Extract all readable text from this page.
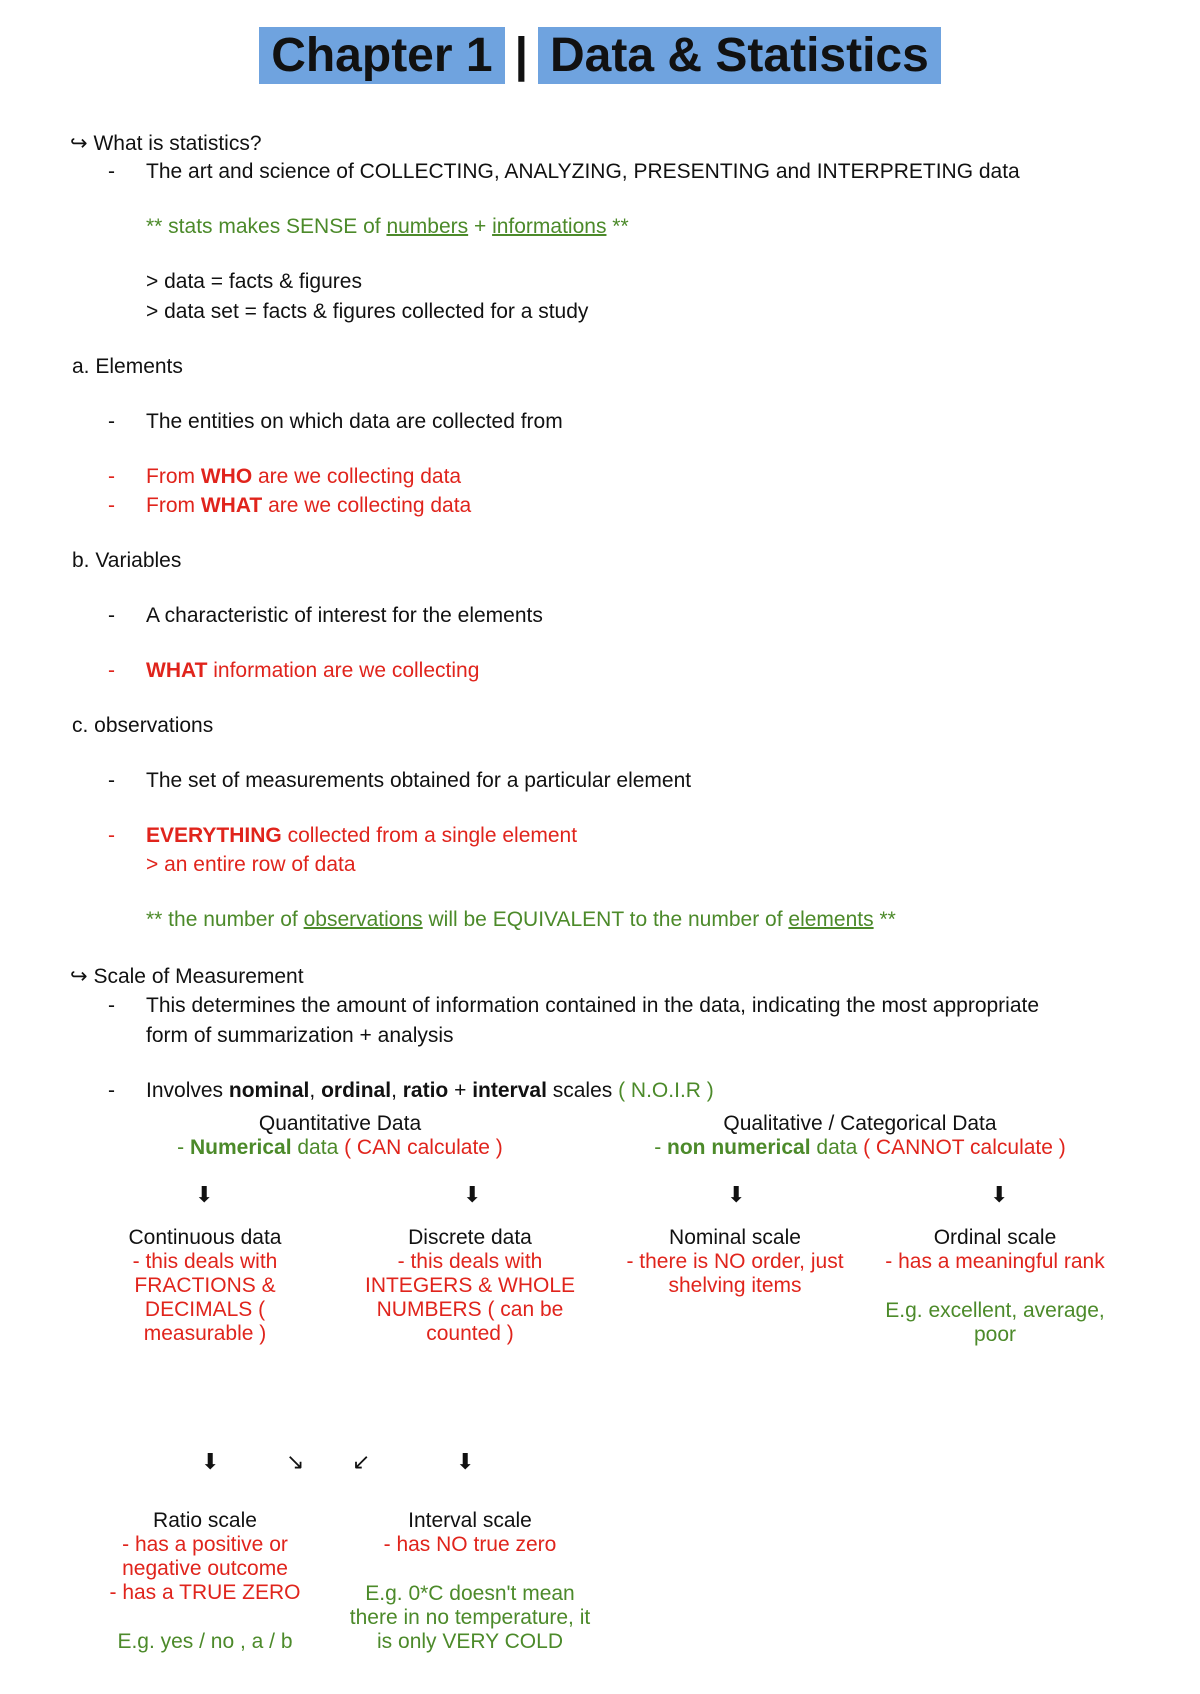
Chapter 1 | Data & Statistics
↪ What is statistics?
- The art and science of COLLECTING, ANALYZING, PRESENTING and INTERPRETING data
** stats makes SENSE of numbers + informations **
> data = facts & figures
> data set = facts & figures collected for a study
a. Elements
- The entities on which data are collected from
- From WHO are we collecting data
- From WHAT are we collecting data
b. Variables
- A characteristic of interest for the elements
- WHAT information are we collecting
c. observations
- The set of measurements obtained for a particular element
- EVERYTHING collected from a single element
> an entire row of data
** the number of observations will be EQUIVALENT to the number of elements **
↪ Scale of Measurement
- This determines the amount of information contained in the data, indicating the most appropriate
form of summarization + analysis
- Involves nominal, ordinal, ratio + interval scales ( N.O.I.R )
Quantitative Data
- Numerical data ( CAN calculate )
Qualitative / Categorical Data
- non numerical data ( CANNOT calculate )
⬇	⬇	⬇	⬇
Continuous data
- this deals with FRACTIONS & DECIMALS ( measurable )
Discrete data
- this deals with INTEGERS & WHOLE NUMBERS ( can be counted )
Nominal scale
- there is NO order, just shelving items
Ordinal scale
- has a meaningful rank
E.g. excellent, average, poor
⬇	↘ ↙	⬇
Ratio scale
- has a positive or negative outcome
- has a TRUE ZERO
E.g. yes / no , a / b
Interval scale
- has NO true zero
E.g. 0*C doesn't mean there in no temperature, it is only VERY COLD
